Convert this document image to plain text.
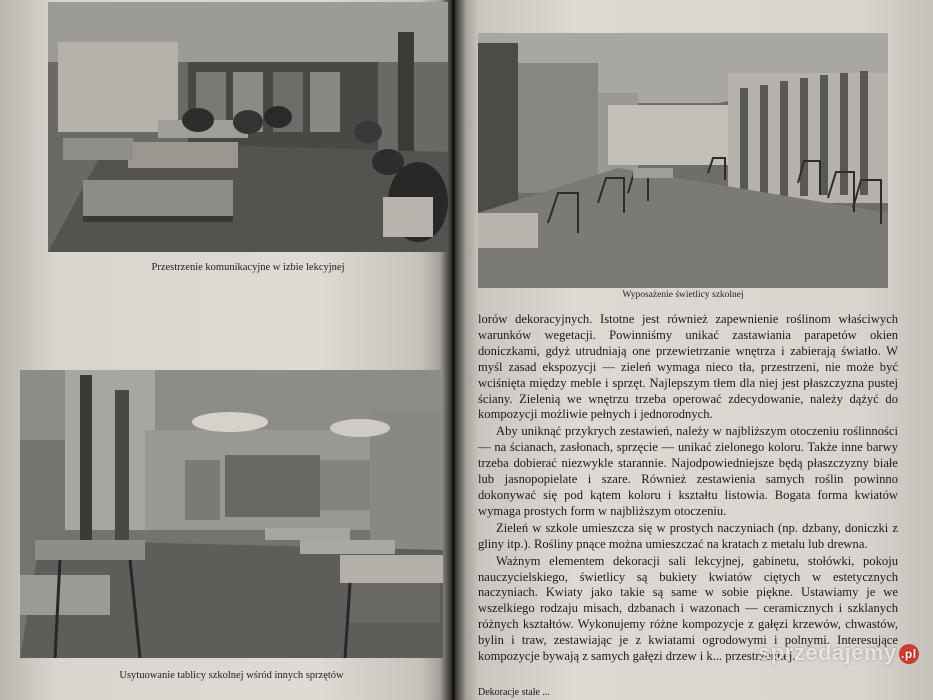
Przestrzenie komunikacyjne w izbie lekcyjnej
Usytuowanie tablicy szkolnej wśród innych sprzętów
Wyposażenie świetlicy szkolnej

lorów dekoracyjnych. Istotne jest również zapewnienie roślinom właściwych warunków wegetacji. Powinniśmy unikać zastawiania parapetów okien doniczkami, gdyż utrudniają one przewietrzanie wnętrza i zabierają światło. W myśl zasad ekspozycji — zieleń wymaga nieco tła, przestrzeni, nie może być wciśnięta między meble i sprzęt. Najlepszym tłem dla niej jest płaszczyzna pustej ściany. Zielenią we wnętrzu trzeba operować zdecydowanie, należy dążyć do kompozycji możliwie pełnych i jednorodnych.

Aby uniknąć przykrych zestawień, należy w najbliższym otoczeniu roślinności — na ścianach, zasłonach, sprzęcie — unikać zielonego koloru. Także inne barwy trzeba dobierać niezwykle starannie. Najodpowiedniejsze będą płaszczyzny białe lub jasnopopielate i szare. Również zestawienia samych roślin powinno dokonywać się pod kątem koloru i kształtu listowia. Bogata forma kwiatów wymaga prostych form w najbliższym otoczeniu.

Zieleń w szkole umieszcza się w prostych naczyniach (np. dzbany, doniczki z gliny itp.). Rośliny pnące można umieszczać na kratach z metalu lub drewna.

Ważnym elementem dekoracji sali lekcyjnej, gabinetu, stołówki, pokoju nauczycielskiego, świetlicy są bukiety kwiatów ciętych w estetycznych naczyniach. Kwiaty jako takie są same w sobie piękne. Ustawiamy je we wszelkiego rodzaju misach, dzbanach i wazonach — ceramicznych i szklanych różnych kształtów. Wykonujemy różne kompozycje z gałęzi krzewów, chwastów, bylin i traw, zestawiając je z kwiatami ogrodowymi i polnymi. Interesujące kompozycje bywają z samych gałęzi drzew i k... przestrzennej.

Dekoracje stałe ...
sprzedajemy .pl
